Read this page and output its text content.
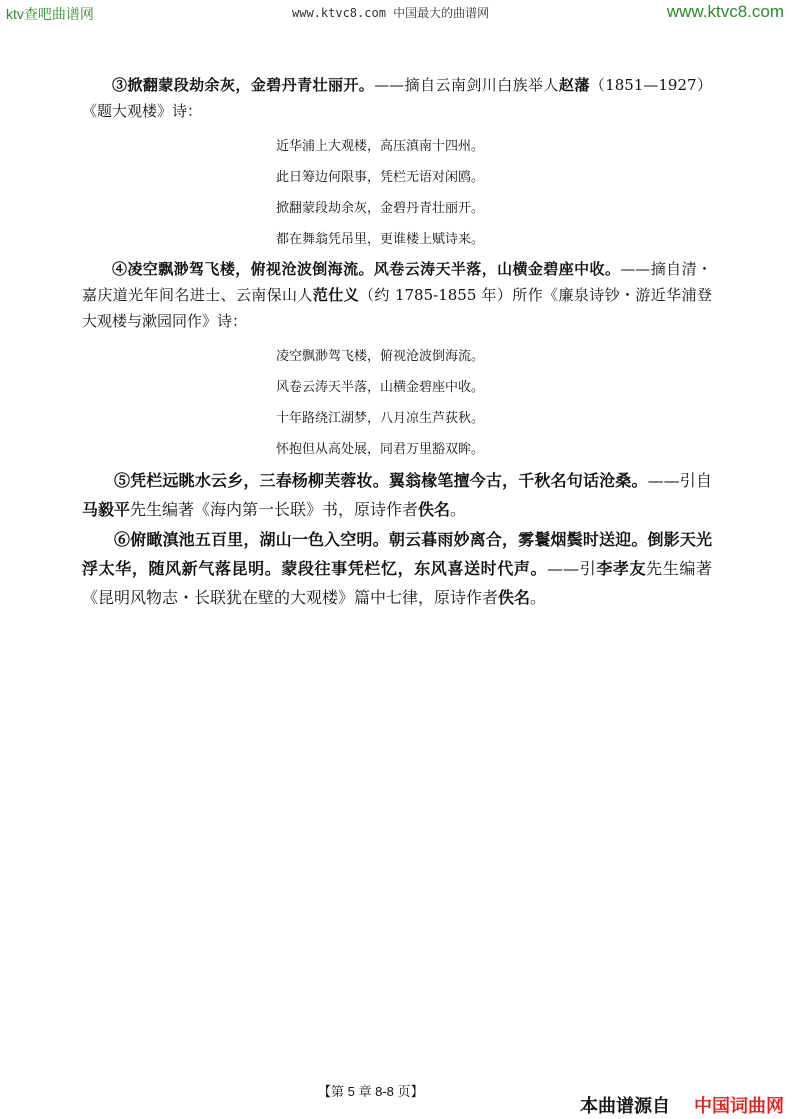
ktv查吧曲谱网	www.ktvc8.com 中国最大的曲谱网	www.ktvc8.com

③掀翻蒙段劫余灰，金碧丹青壮丽开。——摘自云南剑川白族举人赵藩（1851—1927）《题大观楼》诗：

近华浦上大观楼，高压滇南十四州。
此日筹边何限事，凭栏无语对闲鸥。
掀翻蒙段劫余灰，金碧丹青壮丽开。
都在舞翁凭吊里，更谁楼上赋诗来。

④凌空飘渺驾飞楼，俯视沧波倒海流。风卷云涛天半落，山横金碧座中收。——摘自清・嘉庆道光年间名进士、云南保山人范仕义（约 1785-1855 年）所作《廉泉诗钞・游近华浦登大观楼与漱园同作》诗：

凌空飘渺驾飞楼，俯视沧波倒海流。
风卷云涛天半落，山横金碧座中收。
十年路绕江湖梦，八月凉生芦荻秋。
怀抱但从高处展，同君万里豁双眸。

⑤凭栏远眺水云乡，三春杨柳芙蓉妆。翼翁椽笔擅今古，千秋名句话沧桑。——引自马毅平先生编著《海内第一长联》书，原诗作者佚名。

⑥俯瞰滇池五百里，湖山一色入空明。朝云暮雨妙离合，雾鬟烟鬓时送迎。倒影天光浮太华，随风新气落昆明。蒙段往事凭栏忆，东风喜送时代声。——引李孝友先生编著《昆明风物志・长联犹在壁的大观楼》篇中七律，原诗作者佚名。

【第 5 章 8-8 页】
本曲谱源自 中国词曲网
